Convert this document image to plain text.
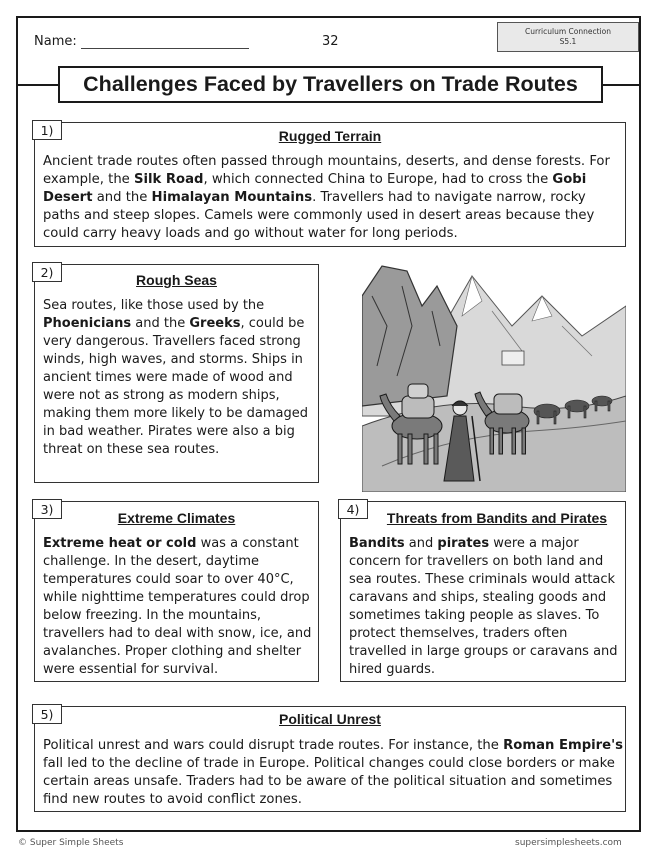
Name:	32
Curriculum Connection
S5.1
Challenges Faced by Travellers on Trade Routes
1)	Rugged Terrain
Ancient trade routes often passed through mountains, deserts, and dense forests. For example, the Silk Road, which connected China to Europe, had to cross the Gobi Desert and the Himalayan Mountains. Travellers had to navigate narrow, rocky paths and steep slopes. Camels were commonly used in desert areas because they could carry heavy loads and go without water for long periods.
2)	Rough Seas
Sea routes, like those used by the Phoenicians and the Greeks, could be very dangerous. Travellers faced strong winds, high waves, and storms. Ships in ancient times were made of wood and were not as strong as modern ships, making them more likely to be damaged in bad weather. Pirates were also a big threat on these sea routes.
3)
Extreme Climates
Extreme heat or cold was a constant challenge. In the desert, daytime temperatures could soar to over 40°C, while nighttime temperatures could drop below freezing. In the mountains, travellers had to deal with snow, ice, and avalanches. Proper clothing and shelter were essential for survival.
4)
Threats from Bandits and Pirates
Bandits and pirates were a major concern for travellers on both land and sea routes. These criminals would attack caravans and ships, stealing goods and sometimes taking people as slaves. To protect themselves, traders often travelled in large groups or caravans and hired guards.
5)	Political Unrest
Political unrest and wars could disrupt trade routes. For instance, the Roman Empire's fall led to the decline of trade in Europe. Political changes could close borders or make certain areas unsafe. Traders had to be aware of the political situation and sometimes find new routes to avoid conflict zones.
© Super Simple Sheets	supersimplesheets.com
